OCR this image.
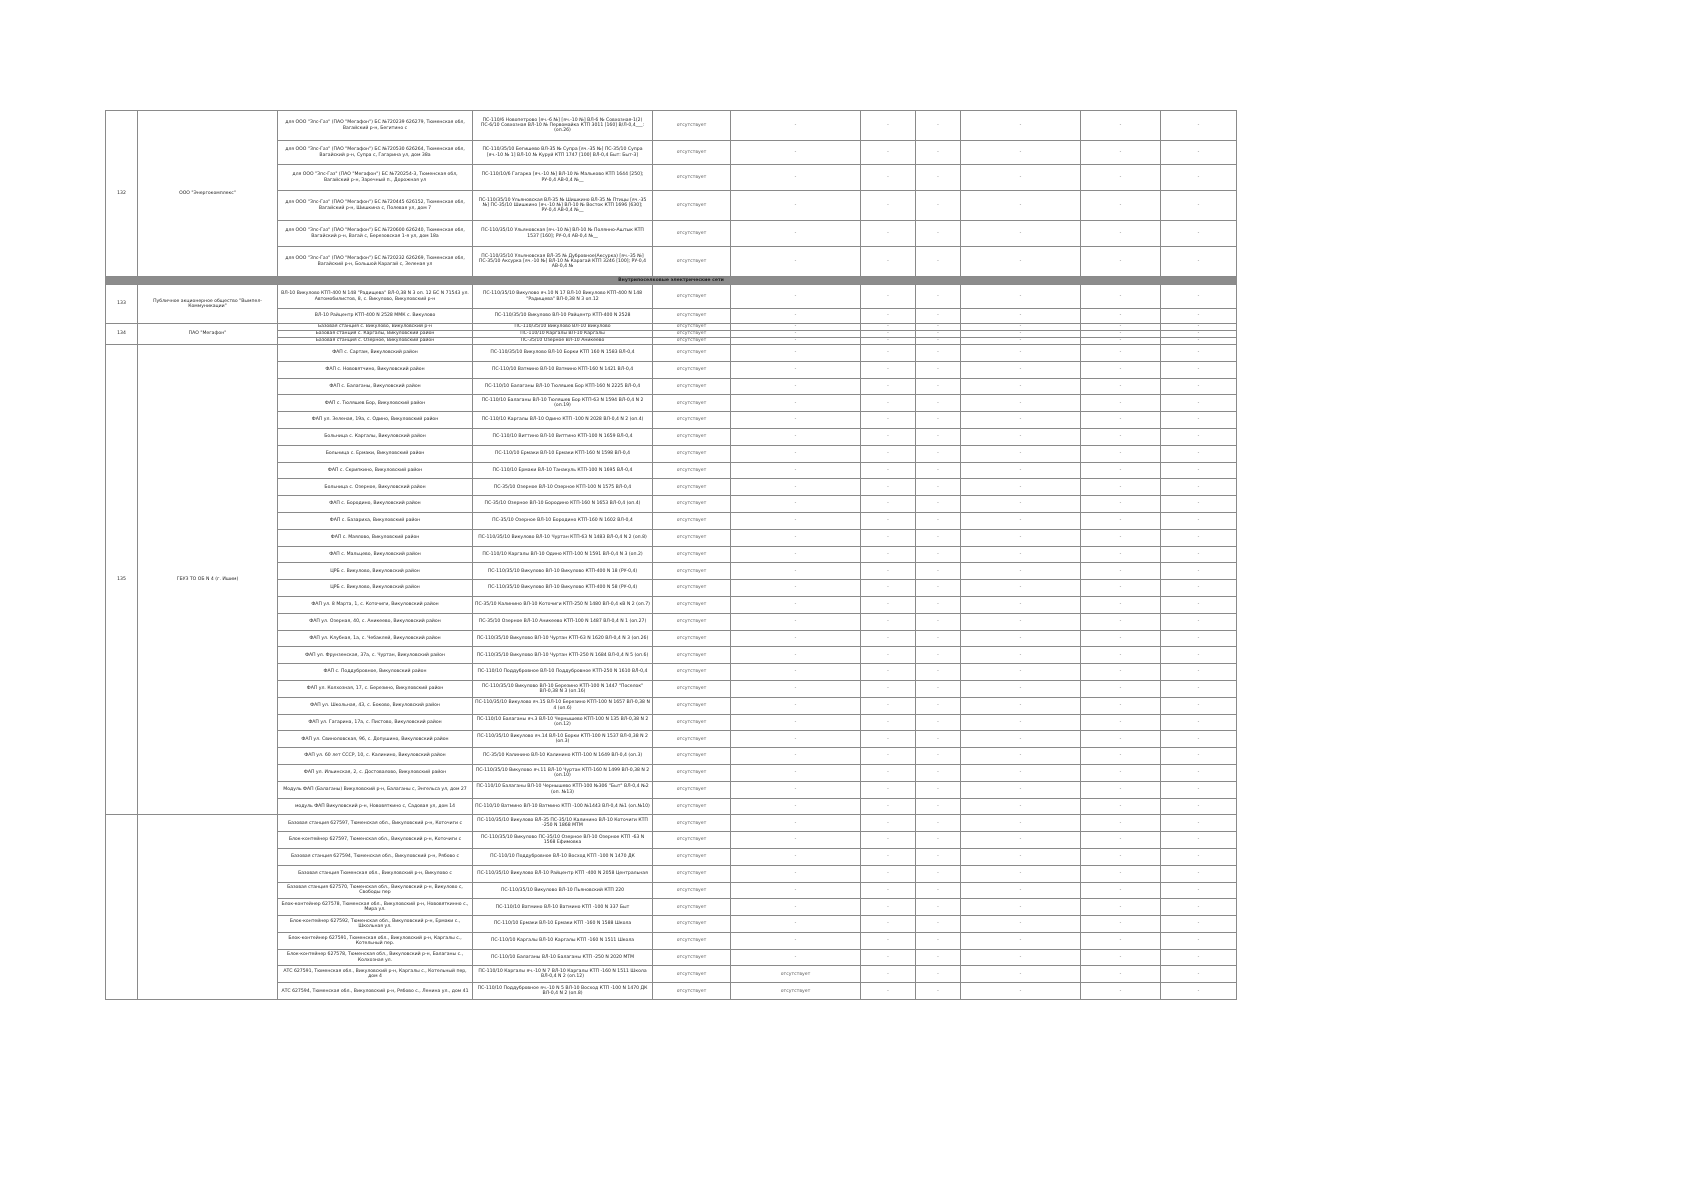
132	ООО "Энергокомплекс"	для ООО "Зпс-Газ" (ПАО "Мегафон") БС №720239 626279, Тюменская обл, Вагайский р-н, Бегитино с	ПС-110/6 Новопетрово [яч.-6 №] [яч.-10 №] ВЛ-6 № Совхозная-1(2) ПС-6/10 Совхозная ВЛ-10 № Первомайка КТП 3011 [160] В/Л-0,4___: (оп.26)	отсутствует	-	-	-	-	-	-
		для ООО "Зпс-Газ" (ПАО "Мегафон") БС №720530 626264, Тюменская обл, Вагайский р-н, Супра с, Гагарина ул, дом 38а	ПС-110/35/10 Бегишево ВЛ-35 № Супра [яч.-35 №] ПС-35/10 Супра [яч.-10 № 1] ВЛ-10 № Куруй КТП 1747 [100] ВЛ-0,4 Быт: Быт-3]	отсутствует	-	-	-	-	-	-
		для ООО "Зпс-Газ" (ПАО "Мегафон") БС №720254-3, Тюменская обл, Вагайский р-н, Заречный п., Дорожная ул	ПС-110/10/6 Гагарка [яч.-10 №] ВЛ-10 № Мальково КТП 1644 [250]; РУ-0,4 АВ-0,4 №__	отсутствует	-	-	-	-	-	-
		для ООО "Зпс-Газ" (ПАО "Мегафон") БС №720445 626152, Тюменская обл, Вагайский р-н, Шишкина с, Полевая ул, дом 7	ПС-110/35/10 Ульяновская ВЛ-35 № Шишкино ВЛ-35 № Птицы [яч.-35 №] ПС-35/10 Шишкино [яч.-10 №] ВЛ-10 № Восток КТП 1696 [630]; РУ-0,4 АВ-0,4 №__	отсутствует	-	-	-	-	-	-
		для ООО "Зпс-Газ" (ПАО "Мегафон") БС №720600 626240, Тюменская обл, Вагайский р-н, Вагай с, Березовская 1-я ул, дом 18а	ПС-110/35/10 Ульяновская [яч.-10 №] ВЛ-10 № Полянно-Аштык КТП 1537 [160]; РУ-0,4 АВ-0,4 №__	отсутствует	-	-	-	-	-	-
		для ООО "Зпс-Газ" (ПАО "Мегафон") БС №720232 626269, Тюменская обл, Вагайский р-н, Большой Карагай с, Зеленая ул	ПС-110/35/10 Ульяновская ВЛ-35 № Дубровное(Аксурка) [яч.-35 №] ПС-35/10 Аксурка [яч.-10 №] ВЛ-10 № Карагай КТП 3246 [100]; РУ-0,4 АВ-0,4 №	отсутствует	-	-	-	-	-	-
Внутрипоселковые электрические сети										
133	Публичное акционерное общество "Вымпел-Коммуникации"	ВЛ-10 Викулово КТП-400 N 148 "Радищева" ВЛ-0,38 N 3 оп. 12 БС N 71543 ул. Автомобилистов, 8, с. Викулово, Викуловский р-н	ПС-110/35/10 Викулово яч.10 N 17 ВЛ-10 Викулово КТП-400 N 148 "Радищева" ВЛ-0,38 N 3 оп.12	отсутствует	-	-	-	-	-	-
		ВЛ-10 Райцентр КТП-400 N 2528 ММК с. Викулово	ПС-110/35/10 Викулово ВЛ-10 Райцентр КТП-400 N 2528	отсутствует	-	-	-	-	-	-
134	ПАО "Мегафон"	Базовая станция с. Викулово, Викуловский р-н	ПС-110/35/10 Викулово ВЛ-10 Викулово	отсутствует	-	-	-	-	-	-
		Базовая станция с. Каргалы, Викуловский район	ПС-110/10 Каргалы ВЛ-10 Каргалы	отсутствует	-	-	-	-	-	-
		Базовая станция с. Озерное, Викуловский район	ПС-35/10 Озерное ВЛ-10 Аникеево	отсутствует	-	-	-	-	-	-
135	ГБУЗ ТО ОБ N 4 (г. Ишим)	ФАП с. Сартам, Викуловский район	ПС-110/35/10 Викулово ВЛ-10 Борки КТП 160 N 1583 ВЛ-0,4	отсутствует	-	-	-	-	-	-
		ФАП с. Нововятчино, Викуловский район	ПС-110/10 Ватмино ВЛ-10 Ватмино КТП-160 N 1421 ВЛ-0,4	отсутствует	-	-	-	-	-	-
		ФАП с. Балаганы, Викуловский район	ПС-110/10 Балаганы ВЛ-10 Тюляшев Бор КТП-160 N 2225 ВЛ-0,4	отсутствует	-	-	-	-	-	-
		ФАП с. Тюляшев Бор, Викуловский район	ПС-110/10 Балаганы ВЛ-10 Тюляшев Бор КТП-63 N 1594 ВЛ-0,4 N 2 (оп.19)	отсутствует	-	-	-	-	-	-
		ФАП ул. Зеленая, 19а, с. Одино, Викуловский район	ПС-110/10 Каргалы ВЛ-10 Одино КТП -100 N 2028 ВЛ-0,4 N 2 (оп.4)	отсутствует	-	-	-	-	-	-
		Больница с. Каргалы, Викуловский район	ПС-110/10 Виттино ВЛ-10 Виттино КТП-100 N 1659 ВЛ-0,4	отсутствует	-	-	-	-	-	-
		Больница с. Ермаки, Викуловский район	ПС-110/10 Ермаки ВЛ-10 Ермаки КТП-160 N 1598 ВЛ-0,4	отсутствует	-	-	-	-	-	-
		ФАП с. Скрипкино, Викуловский район	ПС-110/10 Ермаки ВЛ-10 Танакуль КТП-100 N 1695 ВЛ-0,4	отсутствует	-	-	-	-	-	-
		Больница с. Озерное, Викуловский район	ПС-35/10 Озерное ВЛ-10 Озерное КТП-100 N 1575 ВЛ-0,4	отсутствует	-	-	-	-	-	-
		ФАП с. Бородино, Викуловский район	ПС-35/10 Озерное ВЛ-10 Бородино КТП-160 N 1653 ВЛ-0,4 (оп.4)	отсутствует	-	-	-	-	-	-
		ФАП с. Базариха, Викуловский район	ПС-35/10 Озерное ВЛ-10 Бородино КТП-160 N 1602 ВЛ-0,4	отсутствует	-	-	-	-	-	-
		ФАП с. Маялово, Викуловский район	ПС-110/35/10 Викулово ВЛ-10 Чуртан КТП-63 N 1483 ВЛ-0,4 N 2 (оп.8)	отсутствует	-	-	-	-	-	-
		ФАП с. Мальцево, Викуловский район	ПС-110/10 Каргалы ВЛ-10 Одино КТП-100 N 1591 ВЛ-0,4 N 3 (оп.2)	отсутствует	-	-	-	-	-	-
		ЦРБ с. Викулово, Викуловский район	ПС-110/35/10 Викулово ВЛ-10 Викулово КТП-400 N 18 (РУ-0,4)	отсутствует	-	-	-	-	-	-
		ЦРБ с. Викулово, Викуловский район	ПС-110/35/10 Викулово ВЛ-10 Викулово КТП-400 N 58 (РУ-0,4)	отсутствует	-	-	-	-	-	-
		ФАП ул. 8 Марта, 1, с. Коточиги, Викуловский район	ПС-35/10 Калинино ВЛ-10 Коточиги КТП-250 N 1480 ВЛ-0,4 кВ N 2 (оп.7)	отсутствует	-	-	-	-	-	-
		ФАП ул. Озерная, 40, с. Аникеево, Викуловский район	ПС-35/10 Озерное ВЛ-10 Аникеево КТП-100 N 1487 ВЛ-0,4 N 1 (оп.27)	отсутствует	-	-	-	-	-	-
		ФАП ул. Клубная, 1а, с. Чебаклей, Викуловский район	ПС-110/35/10 Викулово ВЛ-10 Чуртан КТП-63 N 1620 ВЛ-0,4 N 3 (оп.26)	отсутствует	-	-	-	-	-	-
		ФАП ул. Фрунзенская, 37а, с. Чуртан, Викуловский район	ПС-110/35/10 Викулово ВЛ-10 Чуртан КТП-250 N 1684 ВЛ-0,4 N 5 (оп.6)	отсутствует	-	-	-	-	-	-
		ФАП с. Поддубровное, Викуловский район	ПС-110/10 Поддубровное ВЛ-10 Поддубровное КТП-250 N 1610 ВЛ-0,4	отсутствует	-	-	-	-	-	-
		ФАП ул. Колхозная, 17, с. Березино, Викуловский район	ПС-110/35/10 Викулово ВЛ-10 Березино КТП-100 N 1447 "Поселок" ВЛ-0,38 N 3 (оп.16)	отсутствует	-	-	-	-	-	-
		ФАП ул. Школьная, 43, с. Боково, Викуловский район	ПС-110/35/10 Викулово яч.15 ВЛ-10 Березино КТП-100 N 1657 ВЛ-0,38 N 4 (оп.6)	отсутствует	-	-	-	-	-	-
		ФАП ул. Гагарина, 17а, с. Пистово, Викуловский район	ПС-110/10 Балаганы яч.3 ВЛ-10 Чернышево КТП-100 N 135 ВЛ-0,38 N 2 (оп.12)	отсутствует	-	-	-	-	-	-
		ФАП ул. Свиноловская, 96, с. Допушино, Викуловский район	ПС-110/35/10 Викулово яч.14 ВЛ-10 Борки КТП-100 N 1537 ВЛ-0,38 N 2 (оп.3)	отсутствует	-	-	-	-	-	-
		ФАП ул. 60 лет СССР, 10, с. Калинино, Викуловский район	ПС-35/10 Калинино ВЛ-10 Калинино КТП-100 N 1649 ВЛ-0,4 (оп.3)	отсутствует	-	-	-	-	-	-
		ФАП ул. Ильинская, 2, с. Достовалово, Викуловский район	ПС-110/35/10 Викулово яч.11 ВЛ-10 Чуртан КТП-160 N 1499 ВЛ-0,38 N 2 (оп.10)	отсутствует	-	-	-	-	-	-
		Модуль ФАП (Балаганы) Викуловский р-н, Балаганы с, Энгельса ул, дом 27	ПС-110/10 Балаганы ВЛ-10 Чернышево КТП-100 №306 "Быт" ВЛ-0,4 №2 (оп. №13)	отсутствует	-	-	-	-	-	-
		модуль ФАП Викуловский р-н, Нововяткино с, Садовая ул, дом 14	ПС-110/10 Ватмино ВЛ-10 Ватмино КТП -100 №1443 ВЛ-0,4 №1 (оп.№10)	отсутствует	-	-	-	-	-	-
		Базовая станция 627597, Тюменская обл., Викуловский р-н, Коточиги с	ПС-110/35/10 Викулово ВЛ-35 ПС-35/10 Калинино ВЛ-10 Коточиги КТП -250 N 1868 МТМ	отсутствует	-	-	-	-	-	-
		Блок-контейнер 627597, Тюменская обл., Викуловский р-н, Коточиги с	ПС-110/35/10 Викулово ПС-35/10 Озерное ВЛ-10 Озерное КТП -63 N 1568 Ефимовка	отсутствует	-	-	-	-	-	-
		Базовая станция 627594, Тюменская обл., Викуловский р-н, Рябово с	ПС-110/10 Поддубровное ВЛ-10 Восход КТП -100 N 1470 ДК	отсутствует	-	-	-	-	-	-
		Базовая станция Тюменская обл., Викуловский р-н, Викулово с	ПС-110/35/10 Викулово ВЛ-10 Райцентр КТП -400 N 2058 Центральная	отсутствует	-	-	-	-	-	-
		Базовая станция 627570, Тюменская обл., Викуловский р-н, Викулово с, Свободы пер	ПС-110/35/10 Викулово ВЛ-10 Пьяновский КТП 220	отсутствует	-	-	-	-	-	-
		Блок-контейнер 627578, Тюменская обл., Викуловский р-н, Нововяткинно с., Мира ул.	ПС-110/10 Ватмино ВЛ-10 Ватмино КТП -100 N 337 Быт	отсутствует	-	-	-	-	-	-
		Блок-контейнер 627592, Тюменская обл., Викуловский р-н, Ермаки с., Школьная ул.	ПС-110/10 Ермаки ВЛ-10 Ермаки КТП -160 N 1588 Школа	отсутствует	-	-	-	-	-	-
		Блок-контейнер 627591, Тюменская обл., Викуловский р-н, Каргалы с., Котельный пер.	ПС-110/10 Каргалы ВЛ-10 Каргалы КТП -160 N 1511 Школа	отсутствует	-	-	-	-	-	-
		Блок-контейнер 627578, Тюменская обл., Викуловский р-н, Балаганы с., Колхозная ул.	ПС-110/10 Балаганы ВЛ-10 Балаганы КТП -250 N 2020 МТМ	отсутствует	-	-	-	-	-	-
		АТС 627591, Тюменская обл., Викуловский р-н, Каргалы с., Котельный пер, дом 4	ПС-110/10 Каргалы яч.-10 N 7 ВЛ-10 Каргалы КТП -160 N 1511 Школа ВЛ-0,4 N 2 (оп.12)	отсутствует	отсутствует	-	-	-	-	-
		АТС 627594, Тюменская обл., Викуловский р-н, Рябово с., Ленина ул., дом 41	ПС-110/10 Поддубровное яч.-10 N 5 ВЛ-10 Восход КТП -100 N 1470 ДК ВЛ-0,4 N 2 (оп.8)	отсутствует	отсутствует	-	-	-	-	-
